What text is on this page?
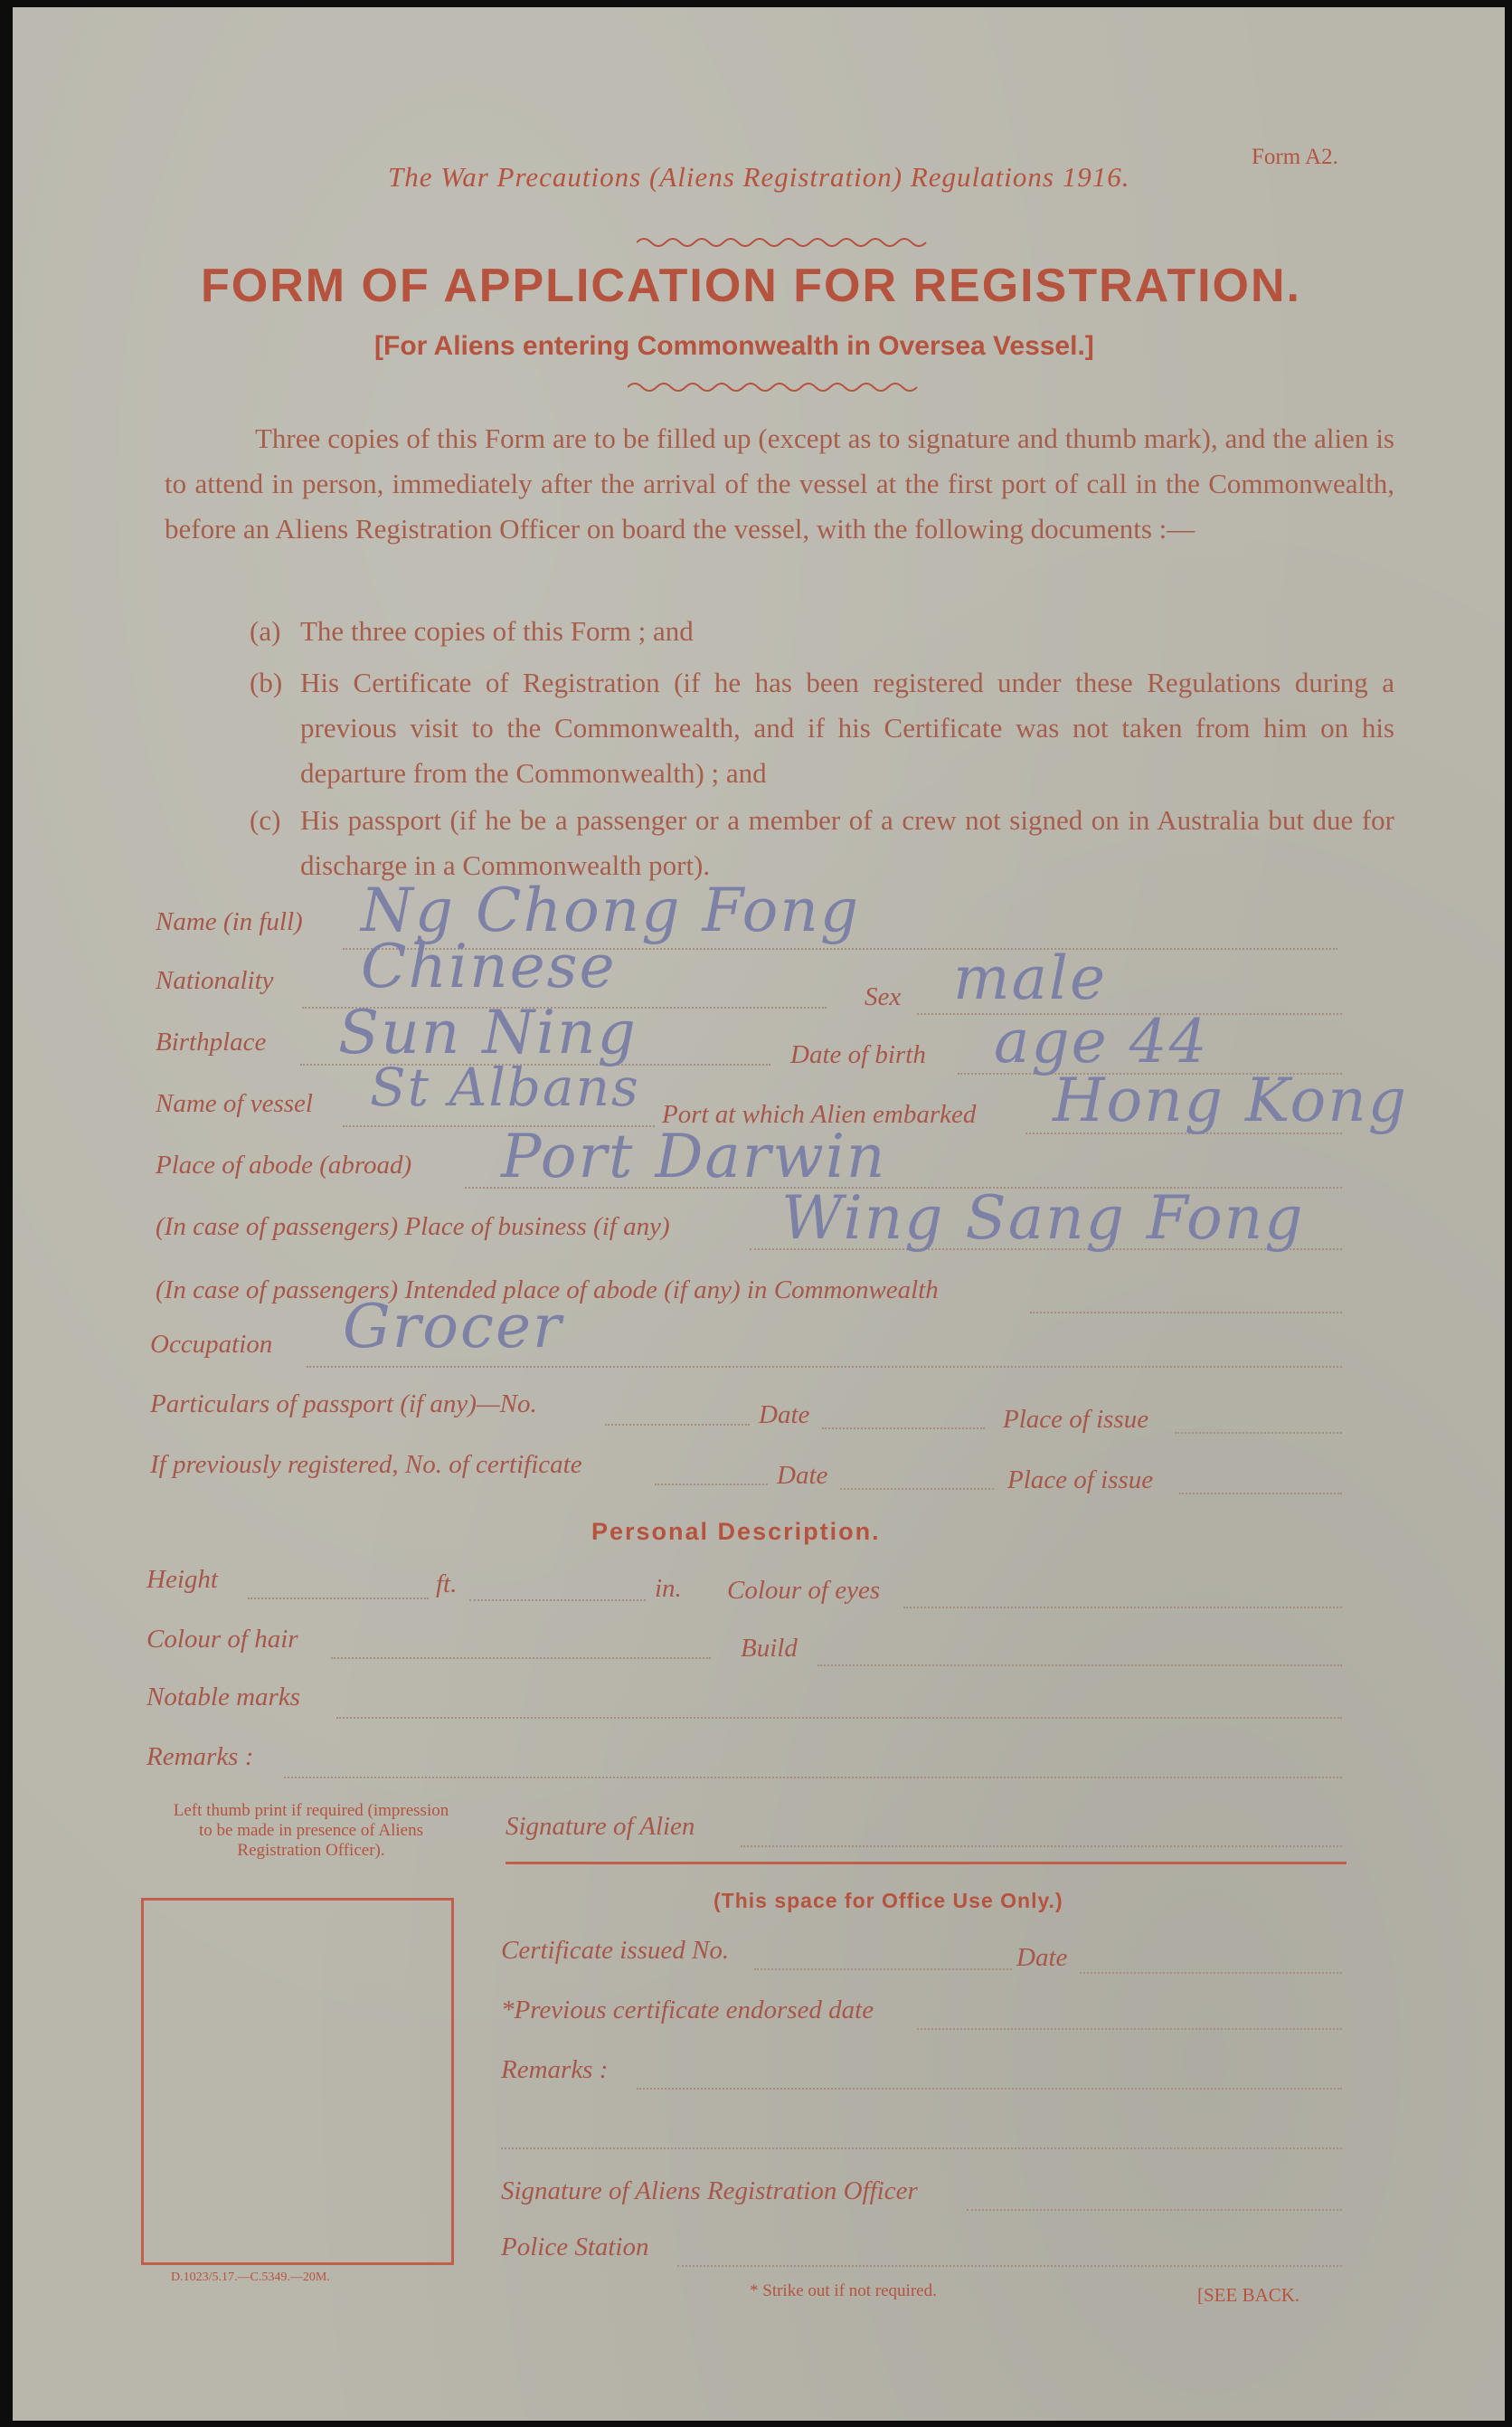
Form A2.
The War Precautions (Aliens Registration) Regulations 1916.
FORM OF APPLICATION FOR REGISTRATION.
[For Aliens entering Commonwealth in Oversea Vessel.]
Three copies of this Form are to be filled up (except as to signature and thumb mark), and the alien is to attend in person, immediately after the arrival of the vessel at the first port of call in the Commonwealth, before an Aliens Registration Officer on board the vessel, with the following documents :—
(a) The three copies of this Form ; and
(b) His Certificate of Registration (if he has been registered under these Regulations during a previous visit to the Commonwealth, and if his Certificate was not taken from him on his departure from the Commonwealth) ; and
(c) His passport (if he be a passenger or a member of a crew not signed on in Australia but due for discharge in a Commonwealth port).
Name (in full) Ng Chong Fong
Nationality Chinese	Sex male
Birthplace Sun Ning	Date of birth age 44
Name of vessel St Albans Port at which Alien embarked Hong Kong
Place of abode (abroad) Port Darwin
(In case of passengers) Place of business (if any) Wing Sang Fong
(In case of passengers) Intended place of abode (if any) in Commonwealth
Occupation Grocer
Particulars of passport (if any)—No.	Date	Place of issue
If previously registered, No. of certificate	Date	Place of issue
Personal Description.
Height	ft.	in. Colour of eyes
Colour of hair	Build
Notable marks
Remarks :
Left thumb print if required (impression to be made in presence of Aliens Registration Officer).
D.1023/5.17.—C.5349.—20M.
Signature of Alien
(This space for Office Use Only.)
Certificate issued No.	Date
*Previous certificate endorsed date
Remarks :
Signature of Aliens Registration Officer
Police Station
* Strike out if not required.	[SEE BACK.
